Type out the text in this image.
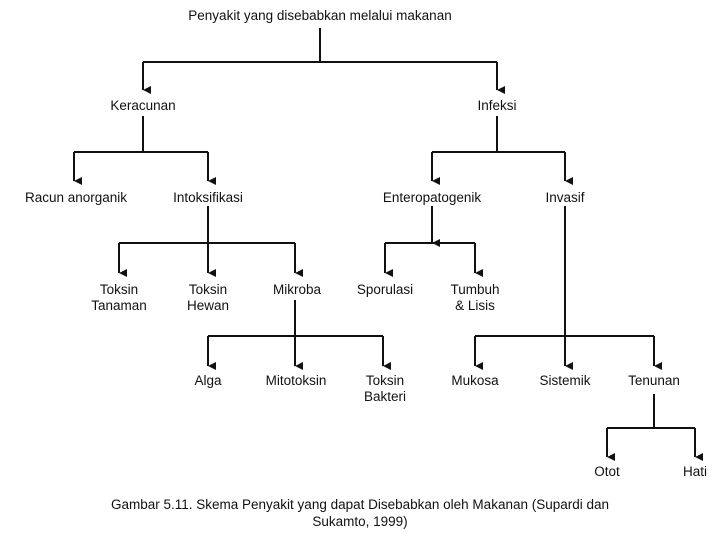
Penyakit yang disebabkan melalui makanan
Keracunan	Infeksi
Racun anorganik	Intoksifikasi	Enteropatogenik	Invasif
Toksin
Tanaman
Toksin
Hewan
Mikroba	Sporulasi	Tumbuh
& Lisis
Alga	Mitotoksin	Toksin
Bakteri
Mukosa	Sistemik	Tenunan
Otot	Hati
Gambar 5.11. Skema Penyakit yang dapat Disebabkan oleh Makanan (Supardi dan
Sukamto, 1999)
